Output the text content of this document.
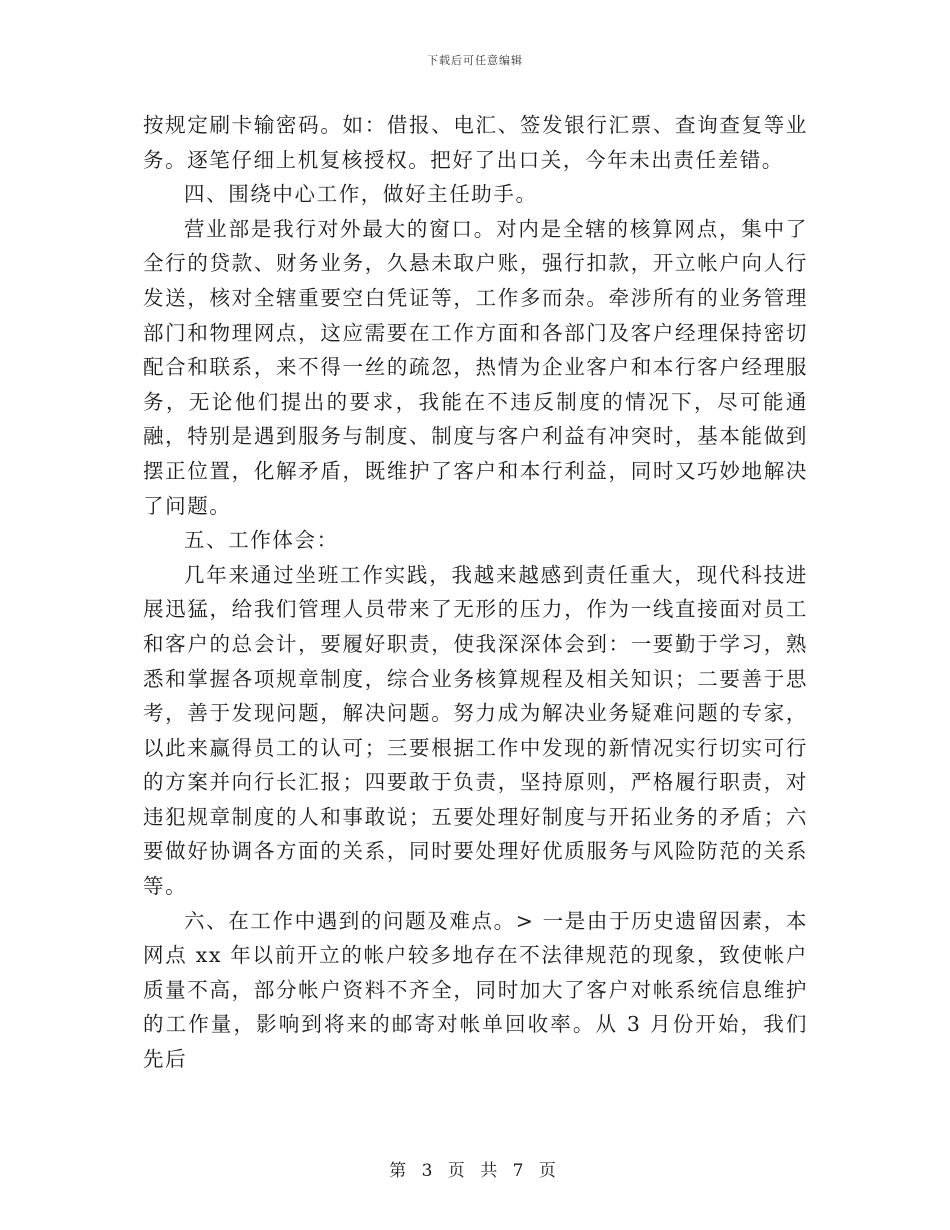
下载后可任意编辑

按规定刷卡输密码。如：借报、电汇、签发银行汇票、查询查复等业务。逐笔仔细上机复核授权。把好了出口关，今年未出责任差错。

四、围绕中心工作，做好主任助手。

营业部是我行对外最大的窗口。对内是全辖的核算网点，集中了全行的贷款、财务业务，久悬未取户账，强行扣款，开立帐户向人行发送，核对全辖重要空白凭证等，工作多而杂。牵涉所有的业务管理部门和物理网点，这应需要在工作方面和各部门及客户经理保持密切配合和联系，来不得一丝的疏忽，热情为企业客户和本行客户经理服务，无论他们提出的要求，我能在不违反制度的情况下，尽可能通融，特别是遇到服务与制度、制度与客户利益有冲突时，基本能做到摆正位置，化解矛盾，既维护了客户和本行利益，同时又巧妙地解决了问题。

五、工作体会：

几年来通过坐班工作实践，我越来越感到责任重大，现代科技进展迅猛，给我们管理人员带来了无形的压力，作为一线直接面对员工和客户的总会计，要履好职责，使我深深体会到：一要勤于学习，熟悉和掌握各项规章制度，综合业务核算规程及相关知识；二要善于思考，善于发现问题，解决问题。努力成为解决业务疑难问题的专家，以此来赢得员工的认可；三要根据工作中发现的新情况实行切实可行的方案并向行长汇报；四要敢于负责，坚持原则，严格履行职责，对违犯规章制度的人和事敢说；五要处理好制度与开拓业务的矛盾；六要做好协调各方面的关系，同时要处理好优质服务与风险防范的关系等。

六、在工作中遇到的问题及难点。> 一是由于历史遗留因素，本网点 xx 年以前开立的帐户较多地存在不法律规范的现象，致使帐户质量不高，部分帐户资料不齐全，同时加大了客户对帐系统信息维护的工作量，影响到将来的邮寄对帐单回收率。从 3 月份开始，我们先后

第 3 页 共 7 页
